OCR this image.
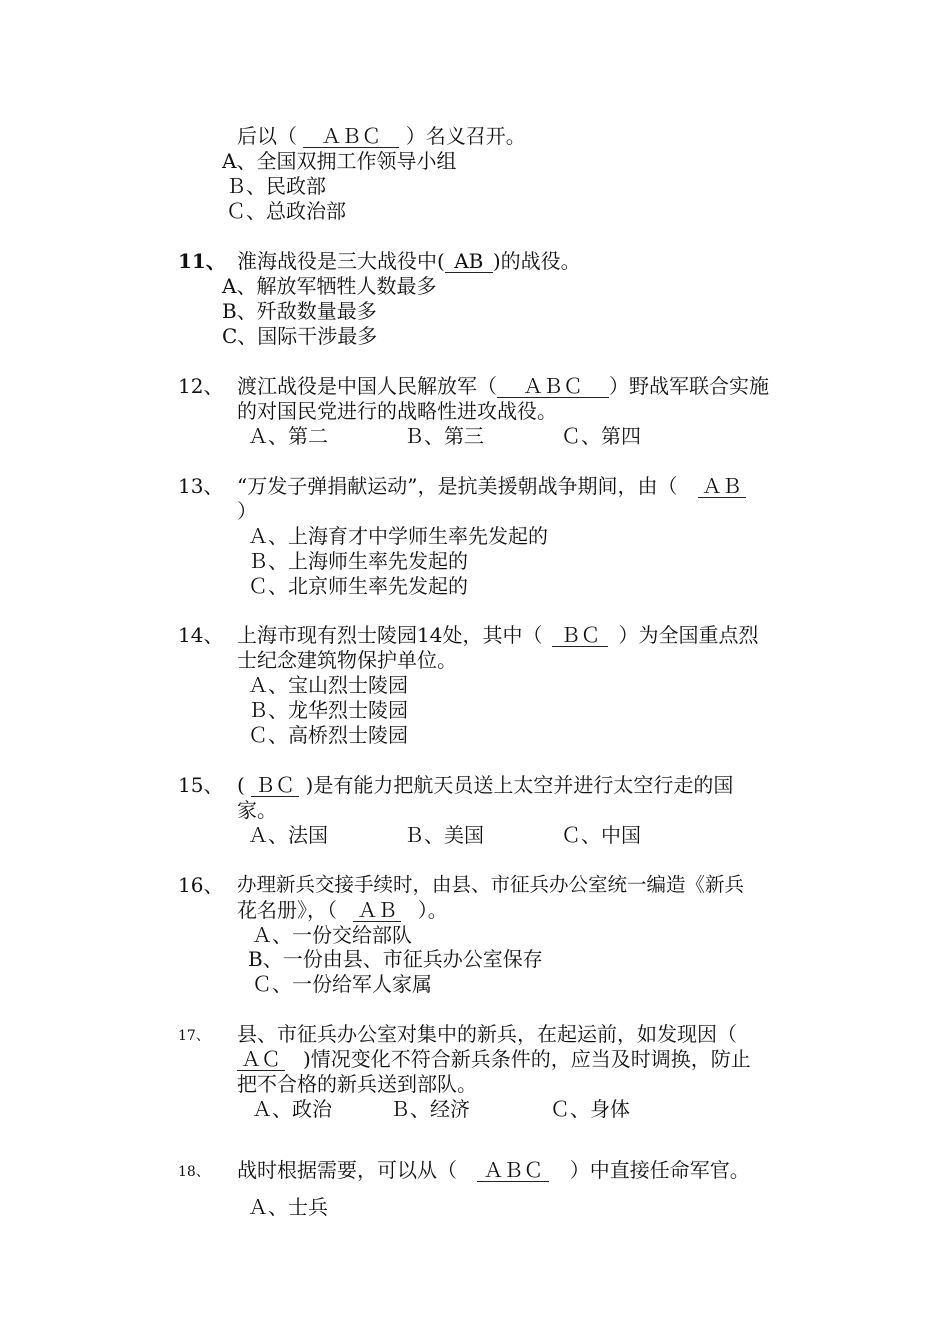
后以（ ＡＢＣ ）名义召开。
A、全国双拥工作领导小组
Ｂ、民政部
Ｃ、总政治部
11、 淮海战役是三大战役中( AB )的战役。
A、解放军牺牲人数最多
B、歼敌数量最多
C、国际干涉最多
12、 渡江战役是中国人民解放军（ ＡＢＣ ）野战军联合实施
的对国民党进行的战略性进攻战役。
Ａ、第二	Ｂ、第三	Ｃ、第四
13、 “万发子弹捐献运动”，是抗美援朝战争期间，由（ ＡＢ
）
Ａ、上海育才中学师生率先发起的
Ｂ、上海师生率先发起的
Ｃ、北京师生率先发起的
14、 上海市现有烈士陵园14处，其中（ ＢＣ ）为全国重点烈
士纪念建筑物保护单位。
Ａ、宝山烈士陵园
Ｂ、龙华烈士陵园
Ｃ、高桥烈士陵园
15、 ( ＢＣ )是有能力把航天员送上太空并进行太空行走的国
家。
Ａ、法国	Ｂ、美国	Ｃ、中国
16、 办理新兵交接手续时，由县、市征兵办公室统一编造《新兵
花名册》，（ ＡＢ ）。
Ａ、一份交给部队
B、一份由县、市征兵办公室保存
Ｃ、一份给军人家属
17、 县、市征兵办公室对集中的新兵，在起运前，如发现因（
ＡＣ )情况变化不符合新兵条件的，应当及时调换，防止
把不合格的新兵送到部队。
Ａ、政治	Ｂ、经济	Ｃ、身体
18、 战时根据需要，可以从（ ＡＢＣ ）中直接任命军官。
Ａ、士兵
